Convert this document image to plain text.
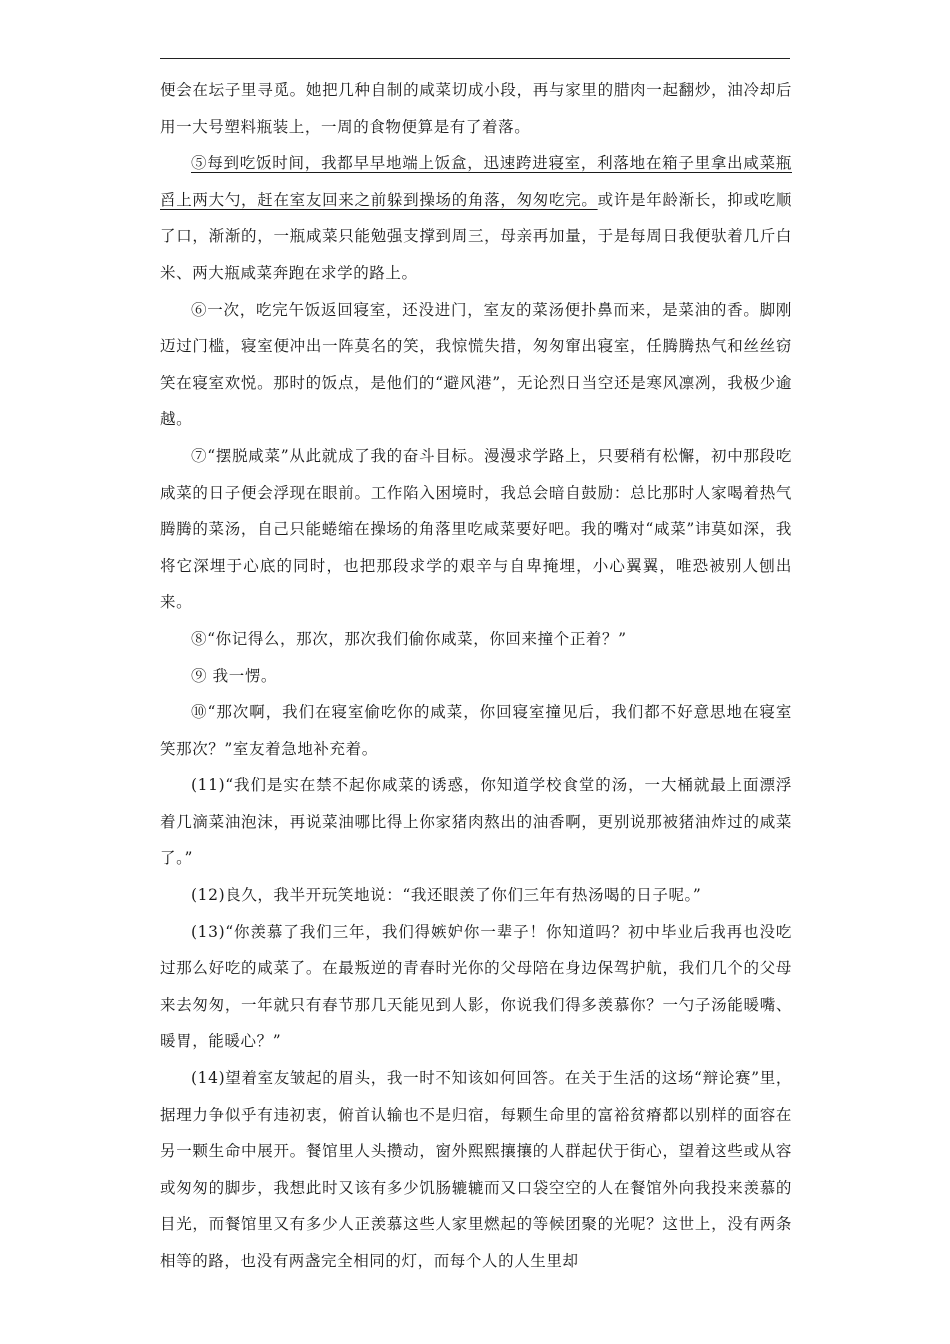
便会在坛子里寻觅。她把几种自制的咸菜切成小段，再与家里的腊肉一起翻炒，油冷却后用一大号塑料瓶装上，一周的食物便算是有了着落。

⑤每到吃饭时间，我都早早地端上饭盒，迅速跨进寝室，利落地在箱子里拿出咸菜瓶舀上两大勺，赶在室友回来之前躲到操场的角落，匆匆吃完。或许是年龄渐长，抑或吃顺了口，渐渐的，一瓶咸菜只能勉强支撑到周三，母亲再加量，于是每周日我便驮着几斤白米、两大瓶咸菜奔跑在求学的路上。

⑥一次，吃完午饭返回寝室，还没进门，室友的菜汤便扑鼻而来，是菜油的香。脚刚迈过门槛，寝室便冲出一阵莫名的笑，我惊慌失措，匆匆窜出寝室，任腾腾热气和丝丝窃笑在寝室欢悦。那时的饭点，是他们的“避风港”，无论烈日当空还是寒风凛冽，我极少逾越。

⑦“摆脱咸菜”从此就成了我的奋斗目标。漫漫求学路上，只要稍有松懈，初中那段吃咸菜的日子便会浮现在眼前。工作陷入困境时，我总会暗自鼓励：总比那时人家喝着热气腾腾的菜汤，自己只能蜷缩在操场的角落里吃咸菜要好吧。我的嘴对“咸菜”讳莫如深，我将它深埋于心底的同时，也把那段求学的艰辛与自卑掩埋，小心翼翼，唯恐被别人刨出来。

⑧“你记得么，那次，那次我们偷你咸菜，你回来撞个正着？”

⑨ 我一愣。

⑩“那次啊，我们在寝室偷吃你的咸菜，你回寝室撞见后，我们都不好意思地在寝室笑那次？”室友着急地补充着。

(11)“我们是实在禁不起你咸菜的诱惑，你知道学校食堂的汤，一大桶就最上面漂浮着几滴菜油泡沫，再说菜油哪比得上你家猪肉熬出的油香啊，更别说那被猪油炸过的咸菜了。”

(12)良久，我半开玩笑地说：“我还眼羡了你们三年有热汤喝的日子呢。”

(13)“你羡慕了我们三年，我们得嫉妒你一辈子！你知道吗？初中毕业后我再也没吃过那么好吃的咸菜了。在最叛逆的青春时光你的父母陪在身边保驾护航，我们几个的父母来去匆匆，一年就只有春节那几天能见到人影，你说我们得多羡慕你？一勺子汤能暖嘴、暖胃，能暖心？”

(14)望着室友皱起的眉头，我一时不知该如何回答。在关于生活的这场“辩论赛”里，据理力争似乎有违初衷，俯首认输也不是归宿，每颗生命里的富裕贫瘠都以别样的面容在另一颗生命中展开。餐馆里人头攒动，窗外熙熙攘攘的人群起伏于街心，望着这些或从容或匆匆的脚步，我想此时又该有多少饥肠辘辘而又口袋空空的人在餐馆外向我投来羡慕的目光，而餐馆里又有多少人正羡慕这些人家里燃起的等候团聚的光呢？这世上，没有两条相等的路，也没有两盏完全相同的灯，而每个人的人生里却
